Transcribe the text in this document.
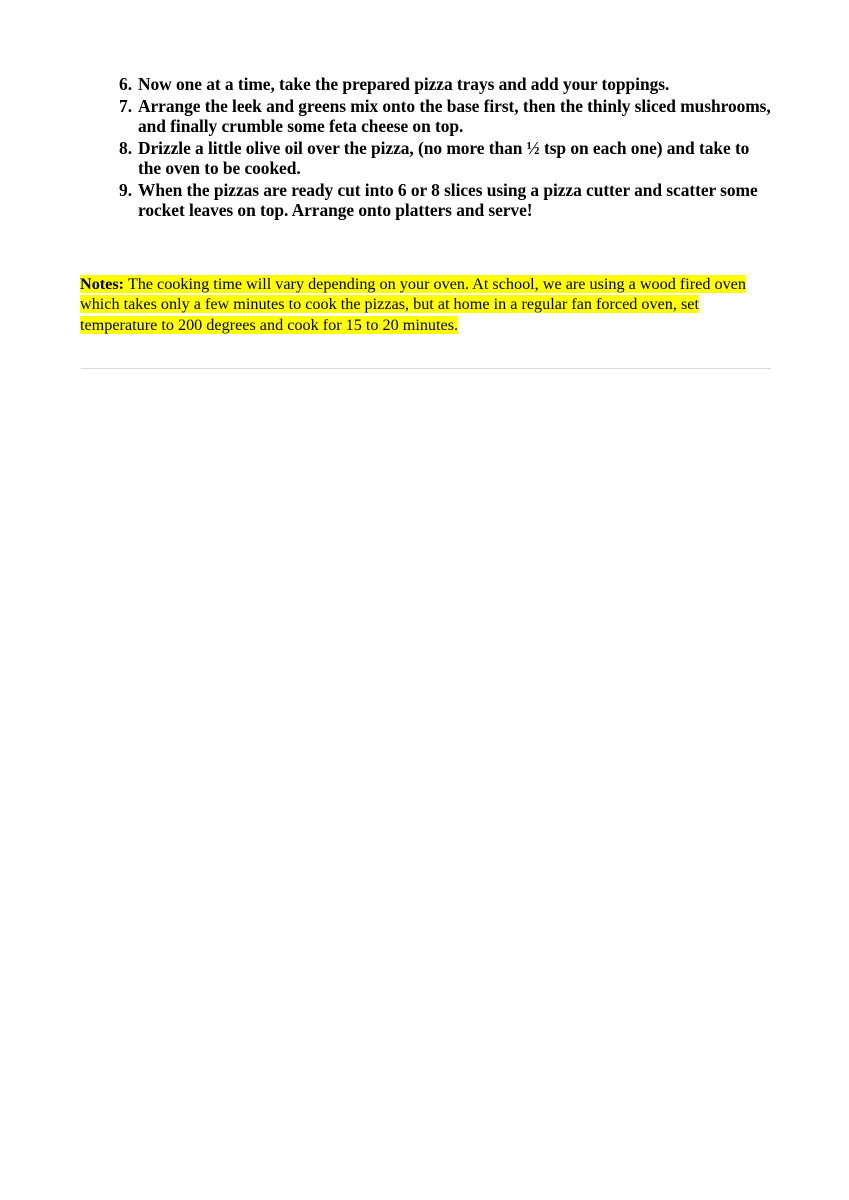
6. Now one at a time, take the prepared pizza trays and add your toppings.
7. Arrange the leek and greens mix onto the base first, then the thinly sliced mushrooms, and finally crumble some feta cheese on top.
8. Drizzle a little olive oil over the pizza, (no more than ½ tsp on each one) and take to the oven to be cooked.
9. When the pizzas are ready cut into 6 or 8 slices using a pizza cutter and scatter some rocket leaves on top. Arrange onto platters and serve!

Notes: The cooking time will vary depending on your oven. At school, we are using a wood fired oven which takes only a few minutes to cook the pizzas, but at home in a regular fan forced oven, set temperature to 200 degrees and cook for 15 to 20 minutes.
